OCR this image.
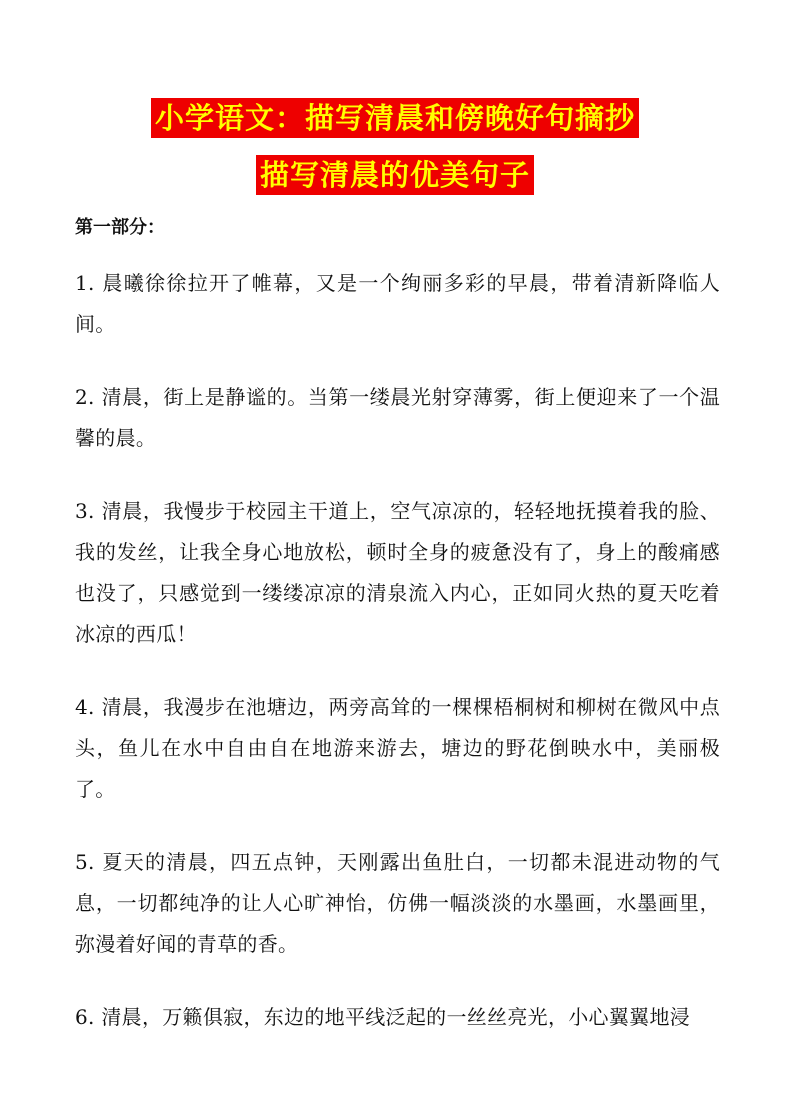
小学语文：描写清晨和傍晚好句摘抄
描写清晨的优美句子
第一部分：

1. 晨曦徐徐拉开了帷幕，又是一个绚丽多彩的早晨，带着清新降临人间。

2. 清晨，街上是静谧的。当第一缕晨光射穿薄雾，街上便迎来了一个温馨的晨。

3. 清晨，我慢步于校园主干道上，空气凉凉的，轻轻地抚摸着我的脸、我的发丝，让我全身心地放松，顿时全身的疲惫没有了，身上的酸痛感也没了，只感觉到一缕缕凉凉的清泉流入内心，正如同火热的夏天吃着冰凉的西瓜！

4. 清晨，我漫步在池塘边，两旁高耸的一棵棵梧桐树和柳树在微风中点头，鱼儿在水中自由自在地游来游去，塘边的野花倒映水中，美丽极了。

5. 夏天的清晨，四五点钟，天刚露出鱼肚白，一切都未混进动物的气息，一切都纯净的让人心旷神怡，仿佛一幅淡淡的水墨画，水墨画里，弥漫着好闻的青草的香。

6. 清晨，万籁俱寂，东边的地平线泛起的一丝丝亮光，小心翼翼地浸
